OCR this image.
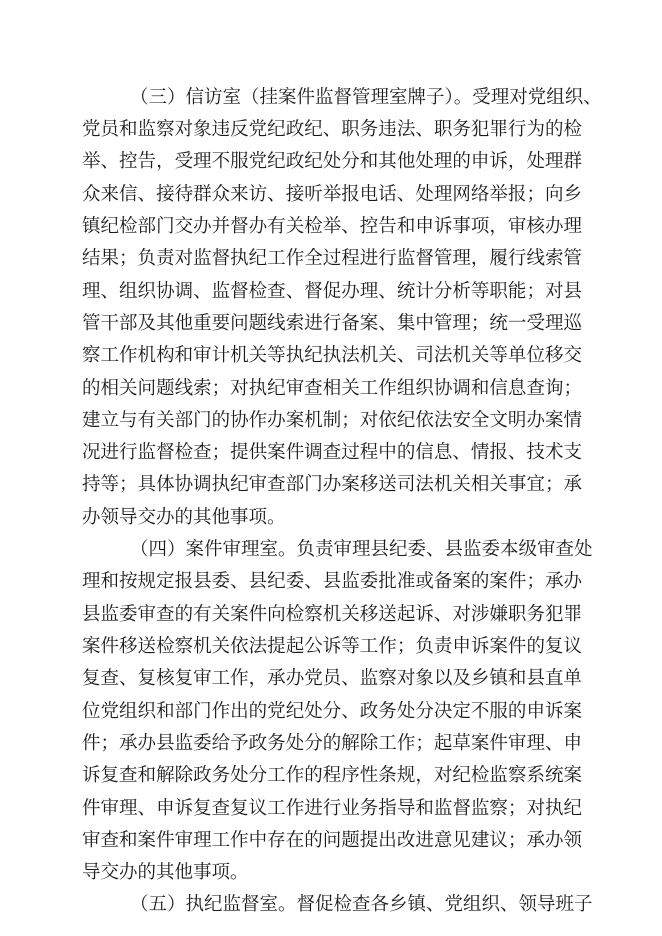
（三）信访室（挂案件监督管理室牌子）。受理对党组织、
党员和监察对象违反党纪政纪、职务违法、职务犯罪行为的检
举、控告，受理不服党纪政纪处分和其他处理的申诉，处理群
众来信、接待群众来访、接听举报电话、处理网络举报；向乡
镇纪检部门交办并督办有关检举、控告和申诉事项，审核办理
结果；负责对监督执纪工作全过程进行监督管理，履行线索管
理、组织协调、监督检查、督促办理、统计分析等职能；对县
管干部及其他重要问题线索进行备案、集中管理；统一受理巡
察工作机构和审计机关等执纪执法机关、司法机关等单位移交
的相关问题线索；对执纪审查相关工作组织协调和信息查询；
建立与有关部门的协作办案机制；对依纪依法安全文明办案情
况进行监督检查；提供案件调查过程中的信息、情报、技术支
持等；具体协调执纪审查部门办案移送司法机关相关事宜；承
办领导交办的其他事项。
（四）案件审理室。负责审理县纪委、县监委本级审查处
理和按规定报县委、县纪委、县监委批准或备案的案件；承办
县监委审查的有关案件向检察机关移送起诉、对涉嫌职务犯罪
案件移送检察机关依法提起公诉等工作；负责申诉案件的复议
复查、复核复审工作，承办党员、监察对象以及乡镇和县直单
位党组织和部门作出的党纪处分、政务处分决定不服的申诉案
件；承办县监委给予政务处分的解除工作；起草案件审理、申
诉复查和解除政务处分工作的程序性条规，对纪检监察系统案
件审理、申诉复查复议工作进行业务指导和监督监察；对执纪
审查和案件审理工作中存在的问题提出改进意见建议；承办领
导交办的其他事项。
（五）执纪监督室。督促检查各乡镇、党组织、领导班子
